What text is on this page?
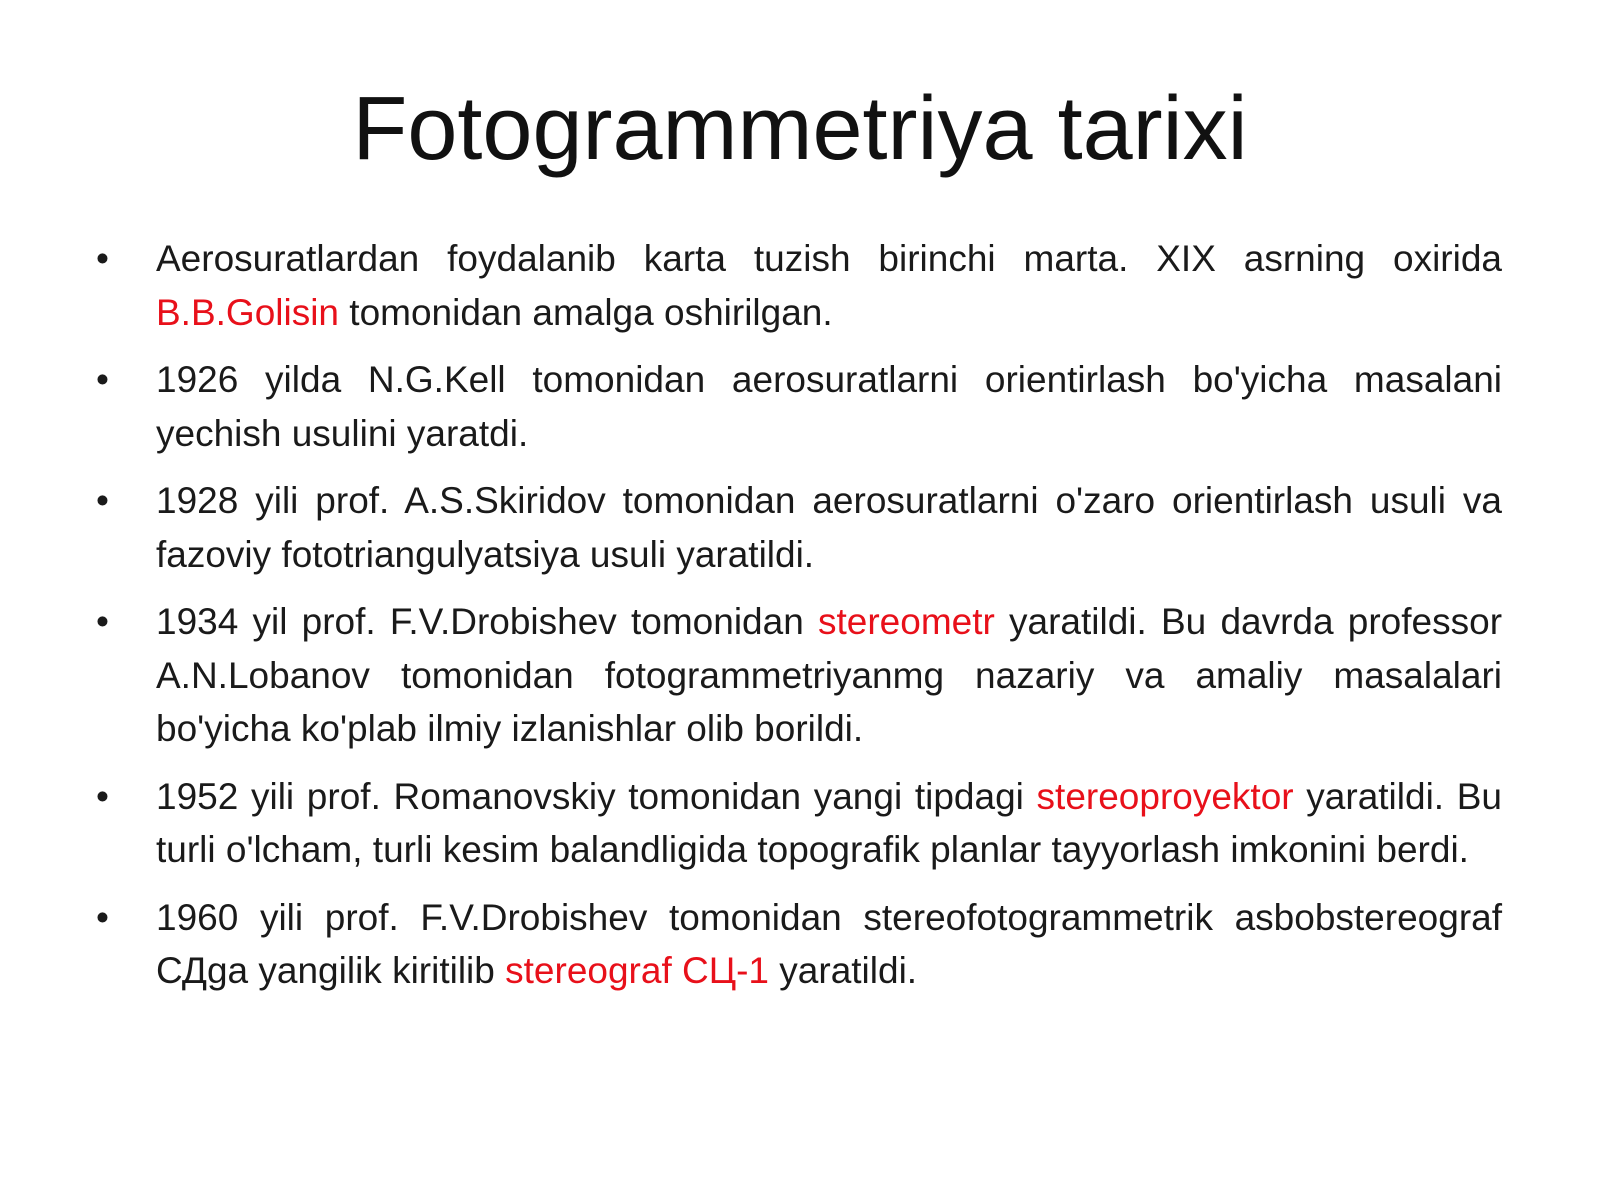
Fotogrammetriya tarixi
• Aerosuratlardan foydalanib karta tuzish birinchi marta. XIX asrning oxirida B.B.Golisin tomonidan amalga oshirilgan.
• 1926 yilda N.G.Kell tomonidan aerosuratlarni orientirlash bo'yicha masalani yechish usulini yaratdi.
• 1928 yili prof. A.S.Skiridov tomonidan aerosuratlarni o'zaro orientirlash usuli va fazoviy fototriangulyatsiya usuli yaratildi.
• 1934 yil prof. F.V.Drobishev tomonidan stereometr yaratildi. Bu davrda professor A.N.Lobanov tomonidan fotogrammetriyanmg nazariy va amaliy masalalari bo'yicha ko'plab ilmiy izlanishlar olib borildi.
• 1952 yili prof. Romanovskiy tomonidan yangi tipdagi stereoproyektor yaratildi. Bu turli o'lcham, turli kesim balandligida topografik planlar tayyorlash imkonini berdi.
• 1960 yili prof. F.V.Drobishev tomonidan stereofotogrammetrik asbobstereograf СДga yangilik kiritilib stereograf СЦ-1 yaratildi.
